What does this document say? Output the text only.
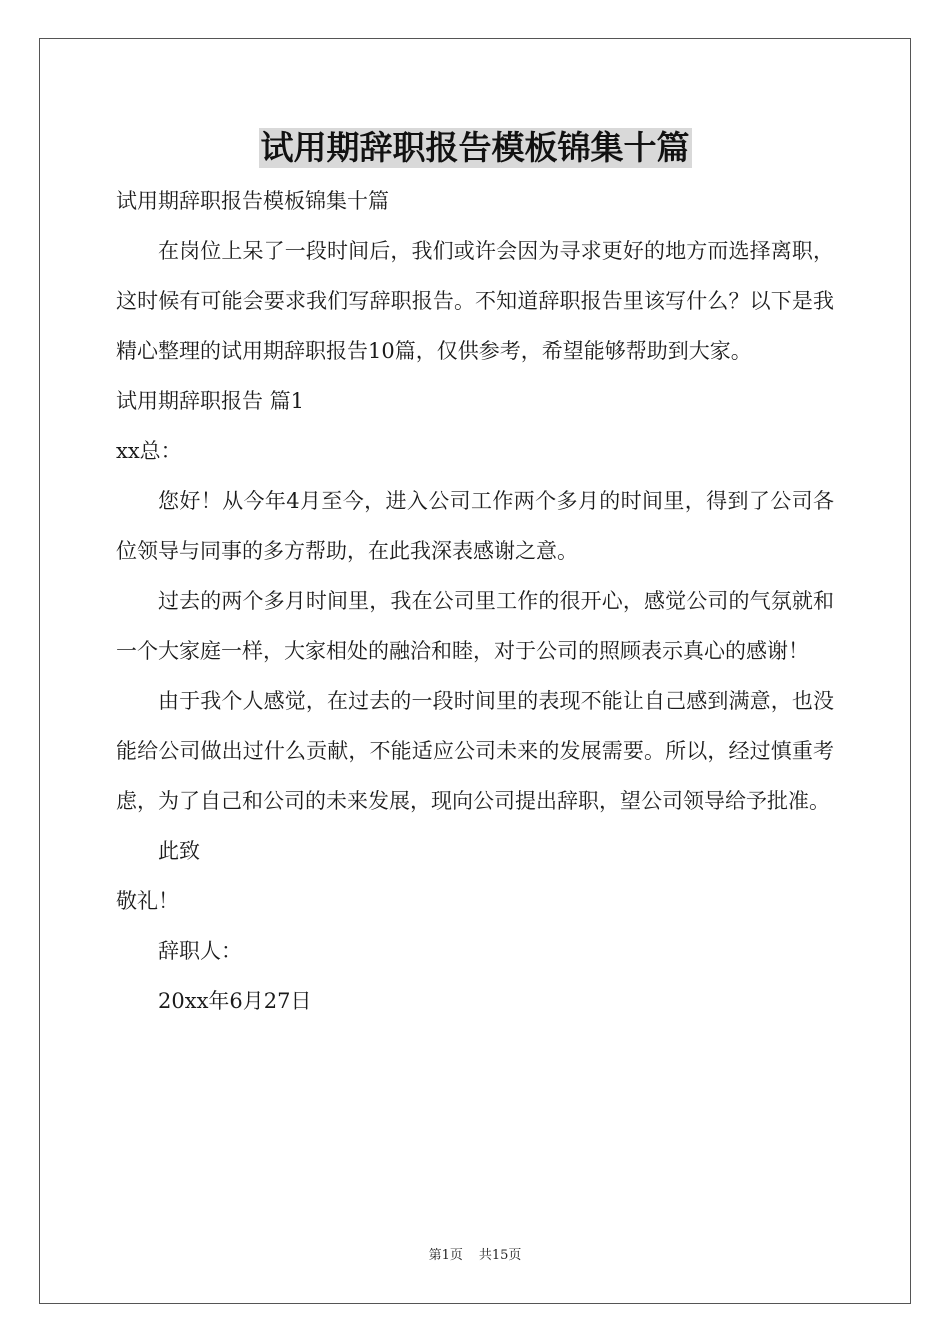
试用期辞职报告模板锦集十篇

试用期辞职报告模板锦集十篇

在岗位上呆了一段时间后，我们或许会因为寻求更好的地方而选择离职，这时候有可能会要求我们写辞职报告。不知道辞职报告里该写什么？以下是我精心整理的试用期辞职报告10篇，仅供参考，希望能够帮助到大家。

试用期辞职报告 篇1

xx总：

您好！从今年4月至今，进入公司工作两个多月的时间里，得到了公司各位领导与同事的多方帮助，在此我深表感谢之意。

过去的两个多月时间里，我在公司里工作的很开心，感觉公司的气氛就和一个大家庭一样，大家相处的融洽和睦，对于公司的照顾表示真心的感谢！

由于我个人感觉，在过去的一段时间里的表现不能让自己感到满意，也没能给公司做出过什么贡献，不能适应公司未来的发展需要。所以，经过慎重考虑，为了自己和公司的未来发展，现向公司提出辞职，望公司领导给予批准。

此致

敬礼！

辞职人：

20xx年6月27日

第1页 共15页
